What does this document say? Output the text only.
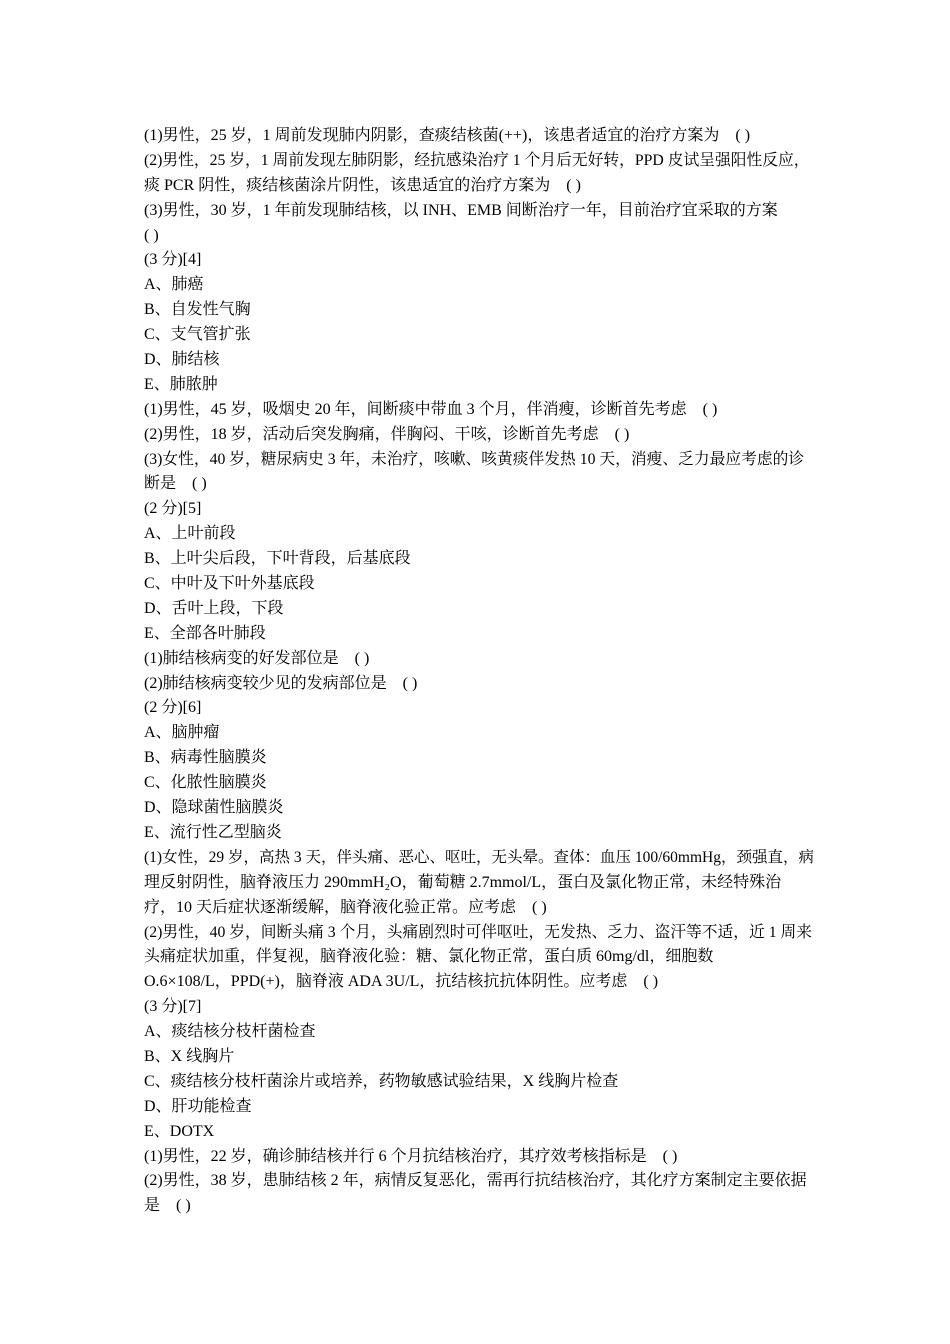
(1)男性，25 岁，1 周前发现肺内阴影，查痰结核菌(++)，该患者适宜的治疗方案为　( )
(2)男性，25 岁，1 周前发现左肺阴影，经抗感染治疗 1 个月后无好转，PPD 皮试呈强阳性反应，
痰 PCR 阴性，痰结核菌涂片阴性，该患适宜的治疗方案为　( )
(3)男性，30 岁，1 年前发现肺结核，以 INH、EMB 间断治疗一年，目前治疗宜采取的方案
( )
(3 分)[4]
A、肺癌
B、自发性气胸
C、支气管扩张
D、肺结核
E、肺脓肿
(1)男性，45 岁，吸烟史 20 年，间断痰中带血 3 个月，伴消瘦，诊断首先考虑　( )
(2)男性，18 岁，活动后突发胸痛，伴胸闷、干咳，诊断首先考虑　( )
(3)女性，40 岁，糖尿病史 3 年，未治疗，咳嗽、咳黄痰伴发热 10 天，消瘦、乏力最应考虑的诊
断是　( )
(2 分)[5]
A、上叶前段
B、上叶尖后段，下叶背段，后基底段
C、中叶及下叶外基底段
D、舌叶上段，下段
E、全部各叶肺段
(1)肺结核病变的好发部位是　( )
(2)肺结核病变较少见的发病部位是　( )
(2 分)[6]
A、脑肿瘤
B、病毒性脑膜炎
C、化脓性脑膜炎
D、隐球菌性脑膜炎
E、流行性乙型脑炎
(1)女性，29 岁，高热 3 天，伴头痛、恶心、呕吐，无头晕。查体：血压 100/60mmHg，颈强直，病
理反射阴性，脑脊液压力 290mmH₂O，葡萄糖 2.7mmol/L，蛋白及氯化物正常，未经特殊治
疗，10 天后症状逐渐缓解，脑脊液化验正常。应考虑　( )
(2)男性，40 岁，间断头痛 3 个月，头痛剧烈时可伴呕吐，无发热、乏力、盗汗等不适，近 1 周来
头痛症状加重，伴复视，脑脊液化验：糖、氯化物正常，蛋白质 60mg/dl，细胞数
O.6×108/L，PPD(+)，脑脊液 ADA 3U/L，抗结核抗抗体阴性。应考虑　( )
(3 分)[7]
A、痰结核分枝杆菌检查
B、X 线胸片
C、痰结核分枝杆菌涂片或培养，药物敏感试验结果，X 线胸片检查
D、肝功能检查
E、DOTX
(1)男性，22 岁，确诊肺结核并行 6 个月抗结核治疗，其疗效考核指标是　( )
(2)男性，38 岁，患肺结核 2 年，病情反复恶化，需再行抗结核治疗，其化疗方案制定主要依据
是　( )
